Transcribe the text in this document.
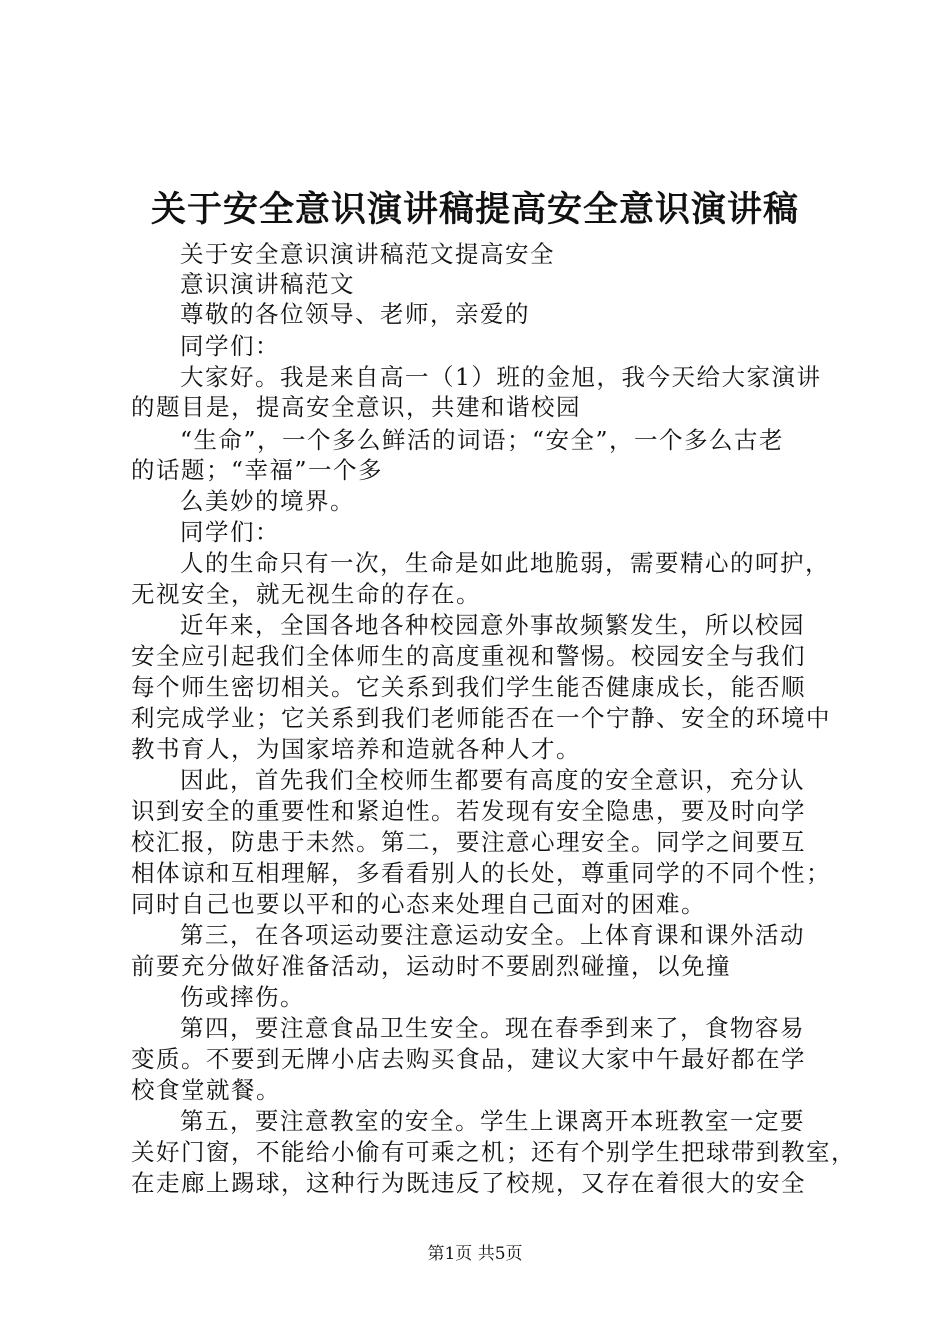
关于安全意识演讲稿提高安全意识演讲稿
关于安全意识演讲稿范文提高安全
意识演讲稿范文
尊敬的各位领导、老师，亲爱的
同学们：
大家好。我是来自高一（1）班的金旭，我今天给大家演讲
的题目是，提高安全意识，共建和谐校园
“生命”，一个多么鲜活的词语；“安全”，一个多么古老
的话题；“幸福”一个多
么美妙的境界。
同学们：
人的生命只有一次，生命是如此地脆弱，需要精心的呵护，
无视安全，就无视生命的存在。
近年来，全国各地各种校园意外事故频繁发生，所以校园
安全应引起我们全体师生的高度重视和警惕。校园安全与我们
每个师生密切相关。它关系到我们学生能否健康成长，能否顺
利完成学业；它关系到我们老师能否在一个宁静、安全的环境中
教书育人，为国家培养和造就各种人才。
因此，首先我们全校师生都要有高度的安全意识，充分认
识到安全的重要性和紧迫性。若发现有安全隐患，要及时向学
校汇报，防患于未然。第二，要注意心理安全。同学之间要互
相体谅和互相理解，多看看别人的长处，尊重同学的不同个性；
同时自己也要以平和的心态来处理自己面对的困难。
第三，在各项运动要注意运动安全。上体育课和课外活动
前要充分做好准备活动，运动时不要剧烈碰撞，以免撞
伤或摔伤。
第四，要注意食品卫生安全。现在春季到来了，食物容易
变质。不要到无牌小店去购买食品，建议大家中午最好都在学
校食堂就餐。
第五，要注意教室的安全。学生上课离开本班教室一定要
关好门窗，不能给小偷有可乘之机；还有个别学生把球带到教室，
在走廊上踢球，这种行为既违反了校规，又存在着很大的安全
第1页 共5页
